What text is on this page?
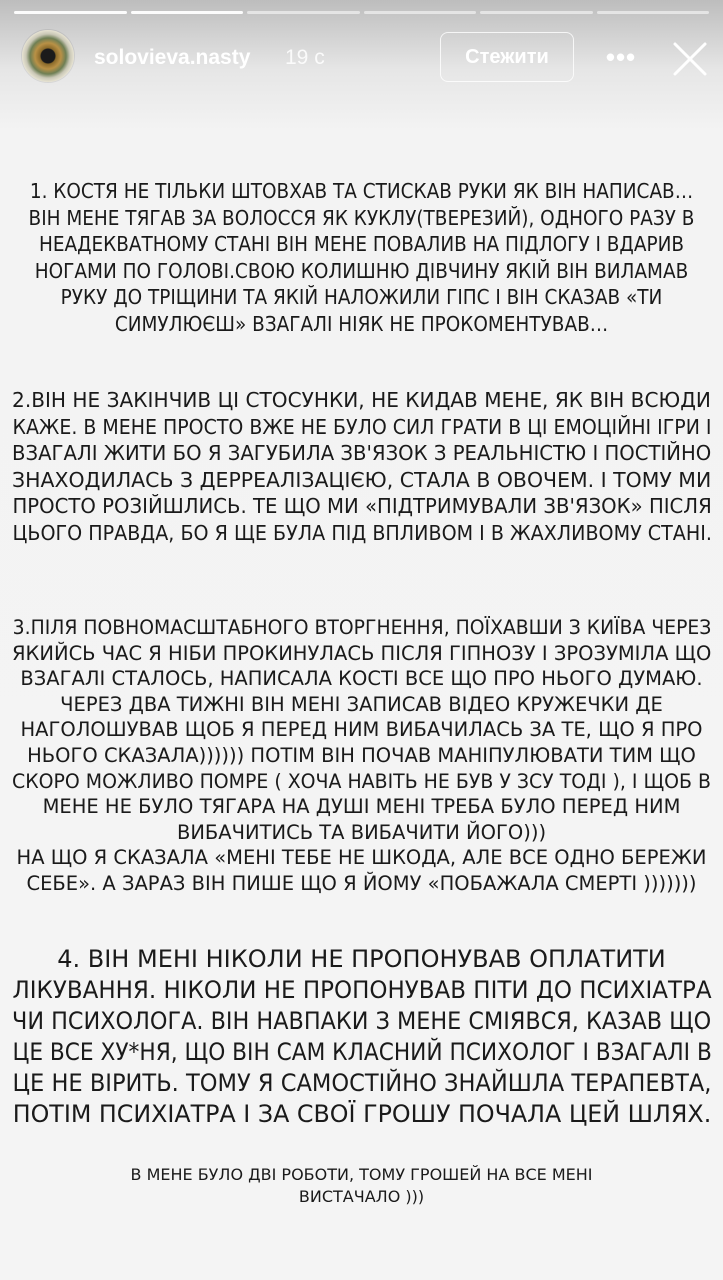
solovieva.nasty 19 с	Стежити	•••
1. КОСТЯ НЕ ТІЛЬКИ ШТОВХАВ ТА СТИСКАВ РУКИ ЯК ВІН НАПИСАВ…
ВІН МЕНЕ ТЯГАВ ЗА ВОЛОССЯ ЯК КУКЛУ(ТВЕРЕЗИЙ), ОДНОГО РАЗУ В
НЕАДЕКВАТНОМУ СТАНІ ВІН МЕНЕ ПОВАЛИВ НА ПІДЛОГУ І ВДАРИВ
НОГАМИ ПО ГОЛОВІ.СВОЮ КОЛИШНЮ ДІВЧИНУ ЯКІЙ ВІН ВИЛАМАВ
РУКУ ДО ТРІЩИНИ ТА ЯКІЙ НАЛОЖИЛИ ГІПС І ВІН СКАЗАВ «ТИ
СИМУЛЮЄШ» ВЗАГАЛІ НІЯК НЕ ПРОКОМЕНТУВАВ…
2.ВІН НЕ ЗАКІНЧИВ ЦІ СТОСУНКИ, НЕ КИДАВ МЕНЕ, ЯК ВІН ВСЮДИ
КАЖЕ. В МЕНЕ ПРОСТО ВЖЕ НЕ БУЛО СИЛ ГРАТИ В ЦІ ЕМОЦІЙНІ ІГРИ І
ВЗАГАЛІ ЖИТИ БО Я ЗАГУБИЛА ЗВ'ЯЗОК З РЕАЛЬНІСТЮ І ПОСТІЙНО
ЗНАХОДИЛАСЬ З ДЕРРЕАЛІЗАЦІЄЮ, СТАЛА В ОВОЧЕМ. І ТОМУ МИ
ПРОСТО РОЗІЙШЛИСЬ. ТЕ ЩО МИ «ПІДТРИМУВАЛИ ЗВ'ЯЗОК» ПІСЛЯ
ЦЬОГО ПРАВДА, БО Я ЩЕ БУЛА ПІД ВПЛИВОМ І В ЖАХЛИВОМУ СТАНІ.
3.ПІЛЯ ПОВНОМАСШТАБНОГО ВТОРГНЕННЯ, ПОЇХАВШИ З КИЇВА ЧЕРЕЗ
ЯКИЙСЬ ЧАС Я НІБИ ПРОКИНУЛАСЬ ПІСЛЯ ГІПНОЗУ І ЗРОЗУМІЛА ЩО
ВЗАГАЛІ СТАЛОСЬ, НАПИСАЛА КОСТІ ВСЕ ЩО ПРО НЬОГО ДУМАЮ.
ЧЕРЕЗ ДВА ТИЖНІ ВІН МЕНІ ЗАПИСАВ ВІДЕО КРУЖЕЧКИ ДЕ
НАГОЛОШУВАВ ЩОБ Я ПЕРЕД НИМ ВИБАЧИЛАСЬ ЗА ТЕ, ЩО Я ПРО
НЬОГО СКАЗАЛА)))))) ПОТІМ ВІН ПОЧАВ МАНІПУЛЮВАТИ ТИМ ЩО
СКОРО МОЖЛИВО ПОМРЕ ( ХОЧА НАВІТЬ НЕ БУВ У ЗСУ ТОДІ ), І ЩОБ В
МЕНЕ НЕ БУЛО ТЯГАРА НА ДУШІ МЕНІ ТРЕБА БУЛО ПЕРЕД НИМ
ВИБАЧИТИСЬ ТА ВИБАЧИТИ ЙОГО)))
НА ЩО Я СКАЗАЛА «МЕНІ ТЕБЕ НЕ ШКОДА, АЛЕ ВСЕ ОДНО БЕРЕЖИ
СЕБЕ». А ЗАРАЗ ВІН ПИШЕ ЩО Я ЙОМУ «ПОБАЖАЛА СМЕРТІ )))))))
4. ВІН МЕНІ НІКОЛИ НЕ ПРОПОНУВАВ ОПЛАТИТИ
ЛІКУВАННЯ. НІКОЛИ НЕ ПРОПОНУВАВ ПІТИ ДО ПСИХІАТРА
ЧИ ПСИХОЛОГА. ВІН НАВПАКИ З МЕНЕ СМІЯВСЯ, КАЗАВ ЩО
ЦЕ ВСЕ ХУ*НЯ, ЩО ВІН САМ КЛАСНИЙ ПСИХОЛОГ І ВЗАГАЛІ В
ЦЕ НЕ ВІРИТЬ. ТОМУ Я САМОСТІЙНО ЗНАЙШЛА ТЕРАПЕВТА,
ПОТІМ ПСИХІАТРА І ЗА СВОЇ ГРОШУ ПОЧАЛА ЦЕЙ ШЛЯХ.
В МЕНЕ БУЛО ДВІ РОБОТИ, ТОМУ ГРОШЕЙ НА ВСЕ МЕНІ
ВИСТАЧАЛО )))
